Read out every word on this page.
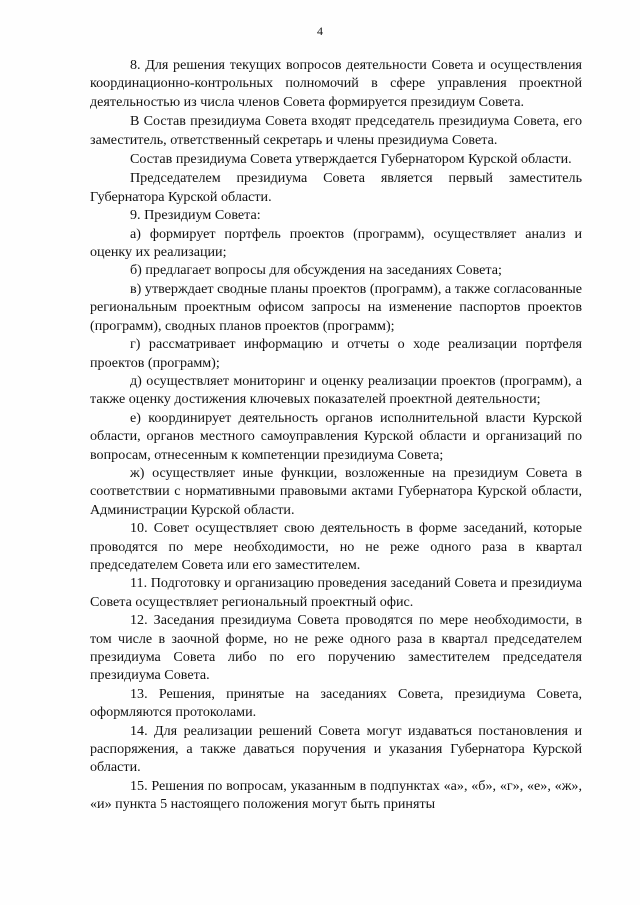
4

8. Для решения текущих вопросов деятельности Совета и осуществления координационно-контрольных полномочий в сфере управления проектной деятельностью из числа членов Совета формируется президиум Совета.

В Состав президиума Совета входят председатель президиума Совета, его заместитель, ответственный секретарь и члены президиума Совета.

Состав президиума Совета утверждается Губернатором Курской области.

Председателем президиума Совета является первый заместитель Губернатора Курской области.

9. Президиум Совета:

а) формирует портфель проектов (программ), осуществляет анализ и оценку их реализации;

б) предлагает вопросы для обсуждения на заседаниях Совета;

в) утверждает сводные планы проектов (программ), а также согласованные региональным проектным офисом запросы на изменение паспортов проектов (программ), сводных планов проектов (программ);

г) рассматривает информацию и отчеты о ходе реализации портфеля проектов (программ);

д) осуществляет мониторинг и оценку реализации проектов (программ), а также оценку достижения ключевых показателей проектной деятельности;

е) координирует деятельность органов исполнительной власти Курской области, органов местного самоуправления Курской области и организаций по вопросам, отнесенным к компетенции президиума Совета;

ж) осуществляет иные функции, возложенные на президиум Совета в соответствии с нормативными правовыми актами Губернатора Курской области, Администрации Курской области.

10. Совет осуществляет свою деятельность в форме заседаний, которые проводятся по мере необходимости, но не реже одного раза в квартал председателем Совета или его заместителем.

11. Подготовку и организацию проведения заседаний Совета и президиума Совета осуществляет региональный проектный офис.

12. Заседания президиума Совета проводятся по мере необходимости, в том числе в заочной форме, но не реже одного раза в квартал председателем президиума Совета либо по его поручению заместителем председателя президиума Совета.

13. Решения, принятые на заседаниях Совета, президиума Совета, оформляются протоколами.

14. Для реализации решений Совета могут издаваться постановления и распоряжения, а также даваться поручения и указания Губернатора Курской области.

15. Решения по вопросам, указанным в подпунктах «а», «б», «г», «е», «ж», «и» пункта 5 настоящего положения могут быть приняты
